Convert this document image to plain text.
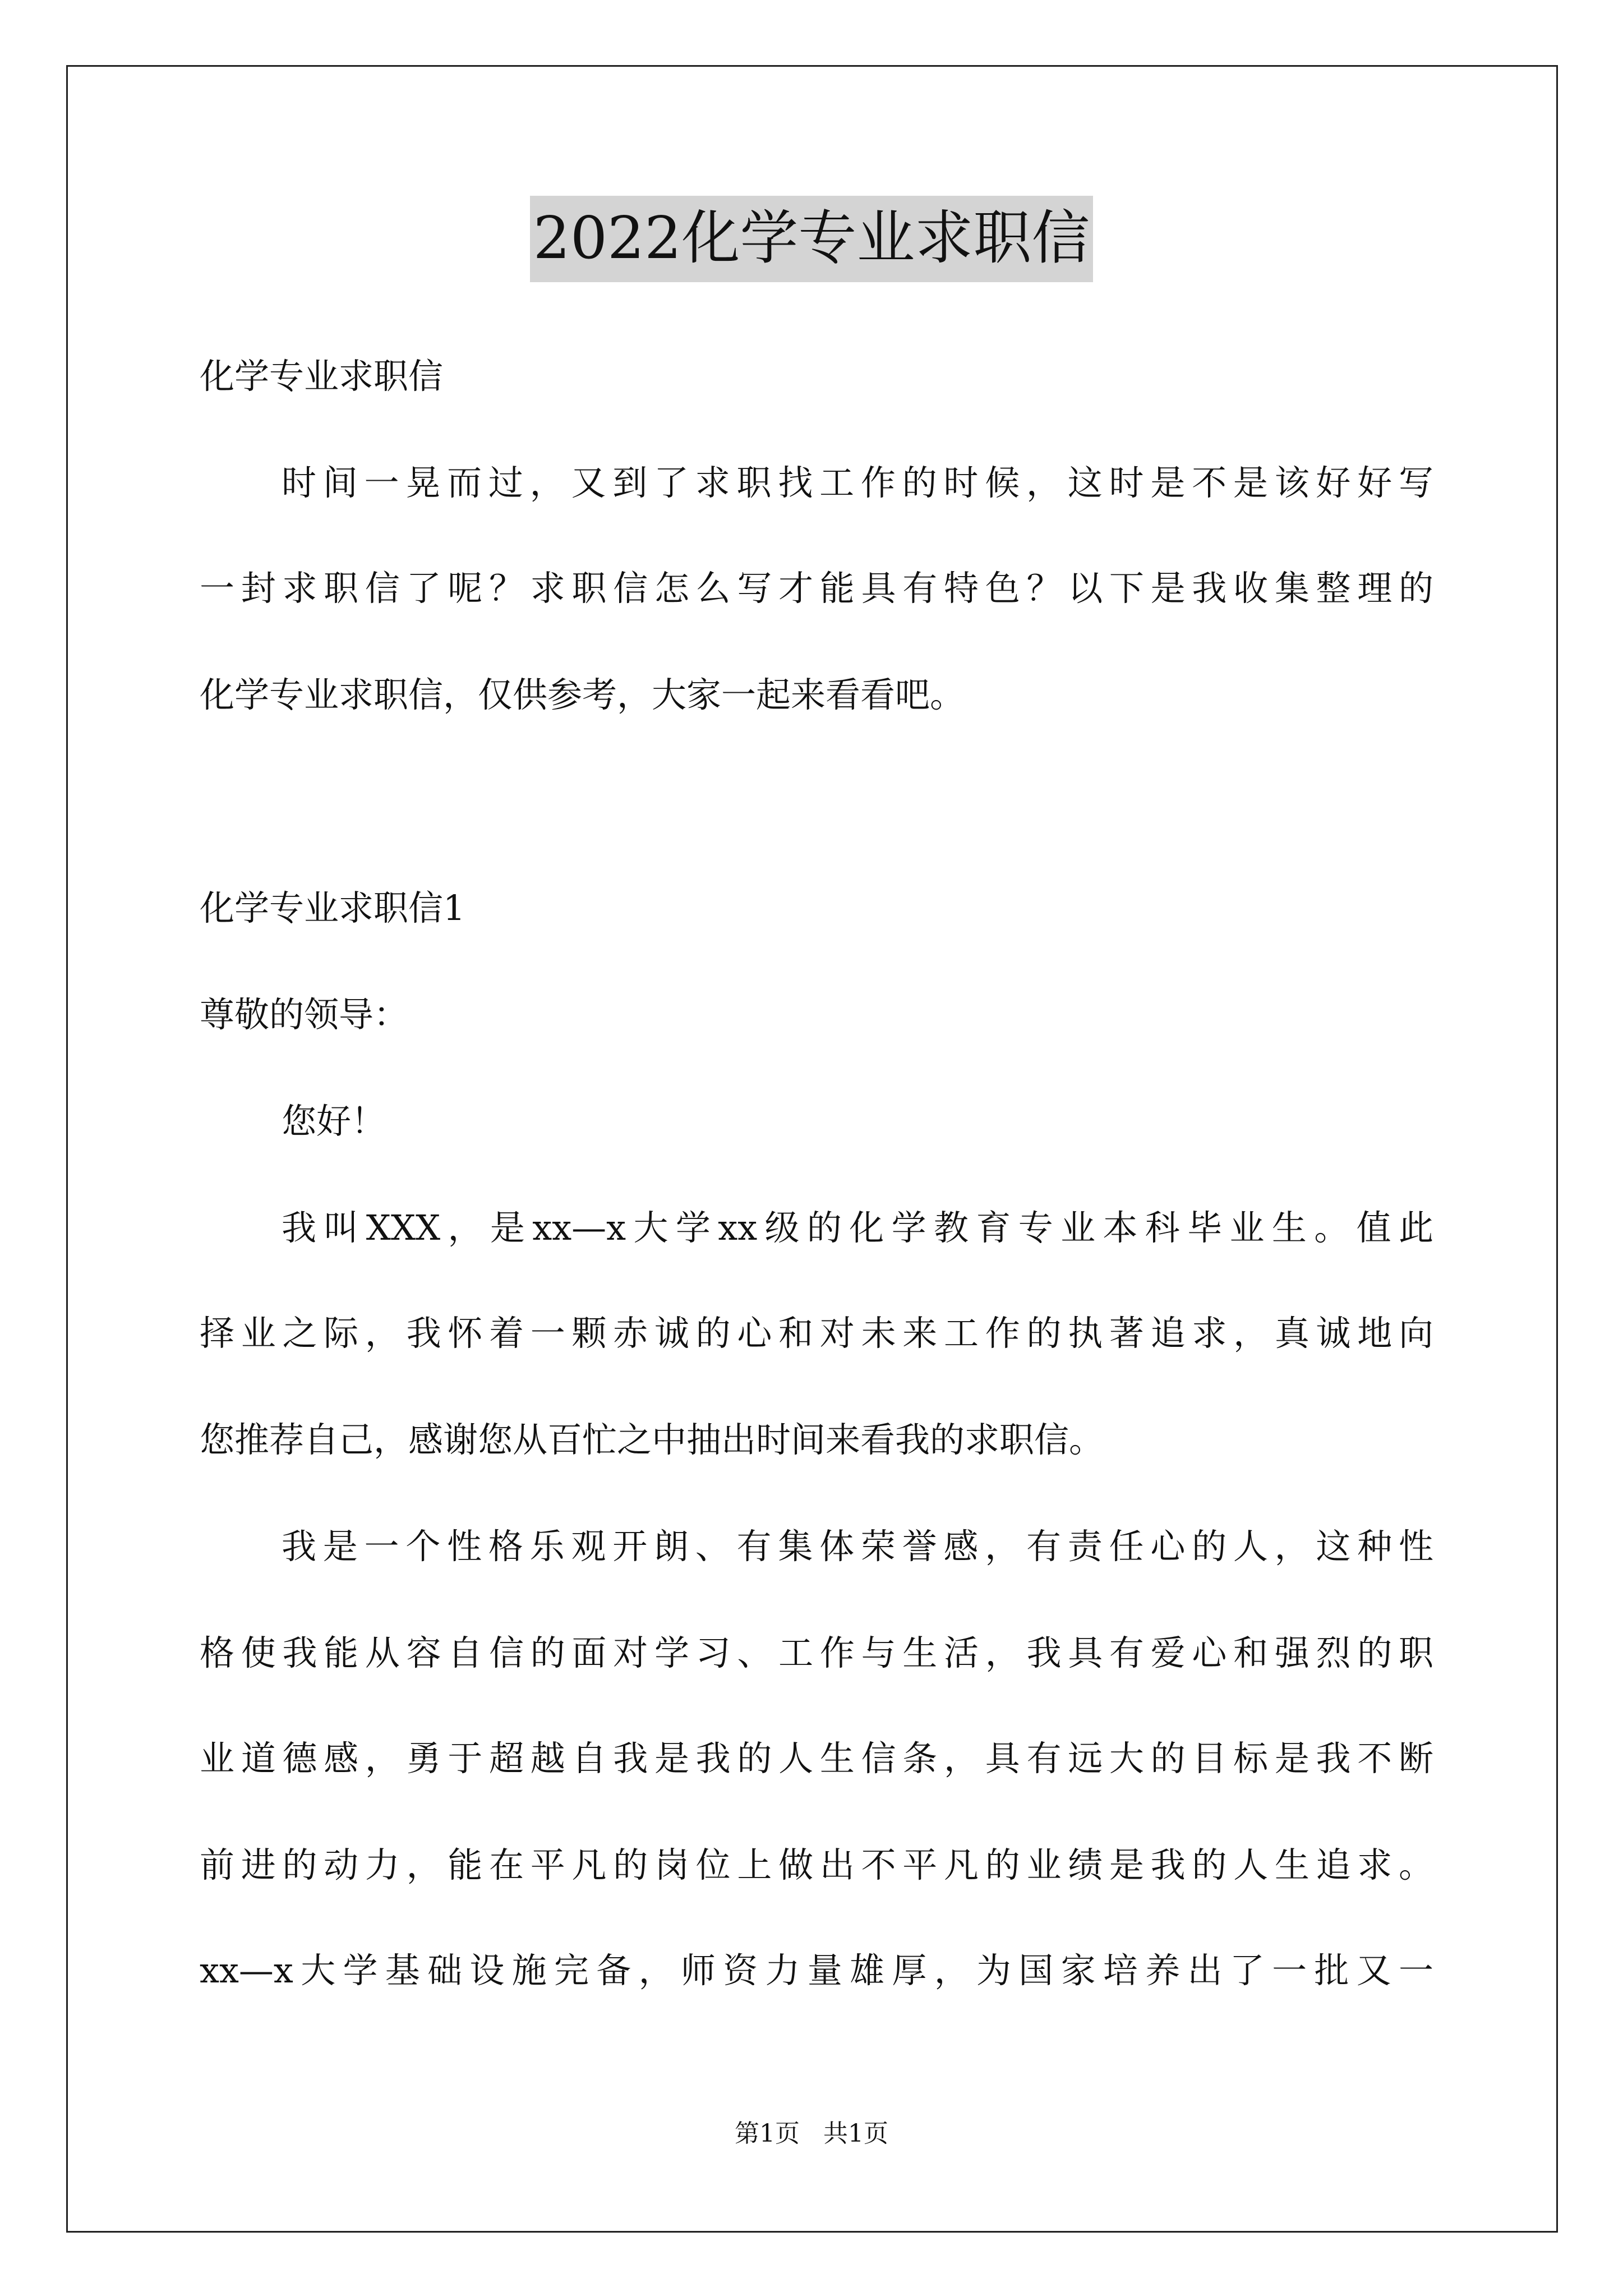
2022化学专业求职信

化学专业求职信

时间一晃而过，又到了求职找工作的时候，这时是不是该好好写

一封求职信了呢？求职信怎么写才能具有特色？以下是我收集整理的

化学专业求职信，仅供参考，大家一起来看看吧。

化学专业求职信1

尊敬的领导：

您好！

我叫XXX，是xx—x大学xx级的化学教育专业本科毕业生。值此

择业之际，我怀着一颗赤诚的心和对未来工作的执著追求，真诚地向

您推荐自己，感谢您从百忙之中抽出时间来看我的求职信。

我是一个性格乐观开朗、有集体荣誉感，有责任心的人，这种性

格使我能从容自信的面对学习、工作与生活，我具有爱心和强烈的职

业道德感，勇于超越自我是我的人生信条，具有远大的目标是我不断

前进的动力，能在平凡的岗位上做出不平凡的业绩是我的人生追求。

xx—x大学基础设施完备，师资力量雄厚，为国家培养出了一批又一

第1页   共1页
